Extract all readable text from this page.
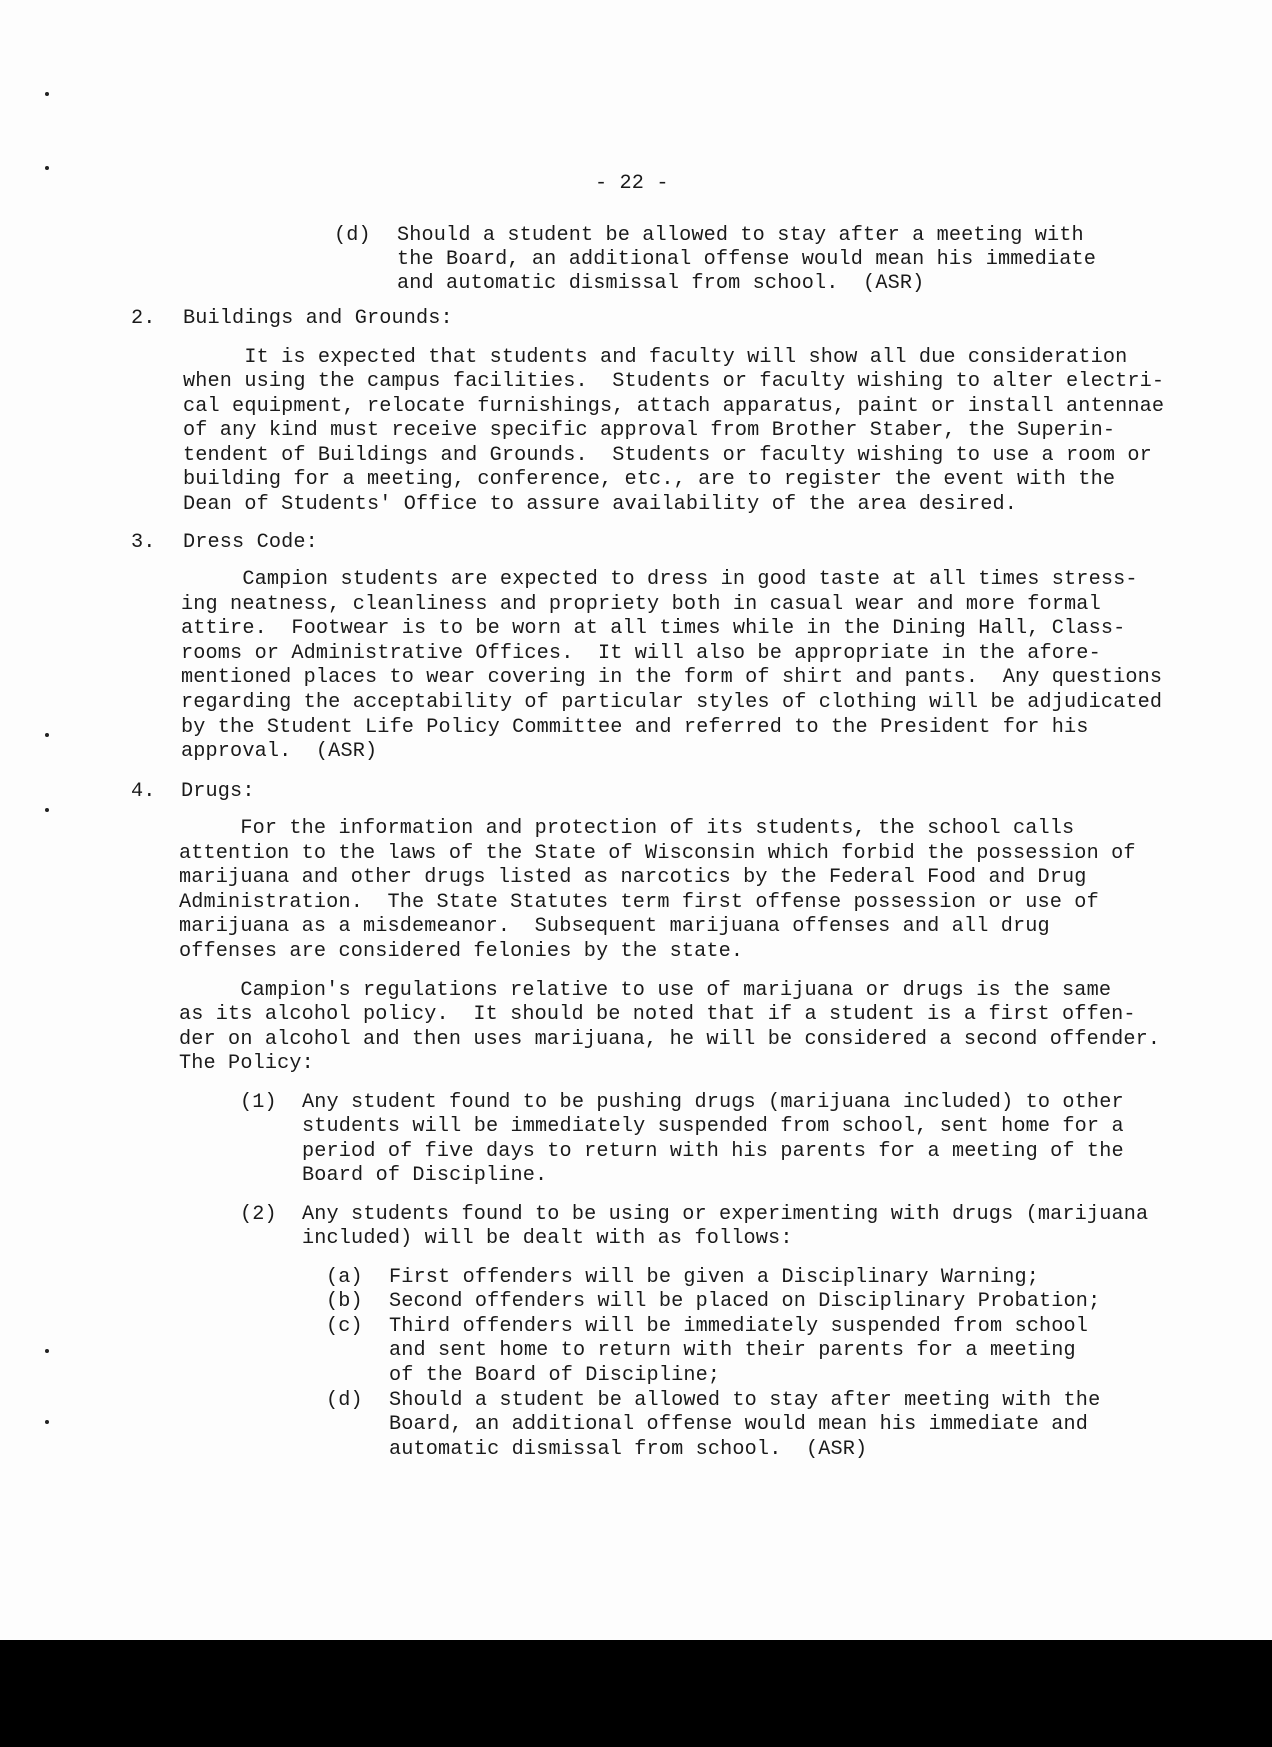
- 22 -
(d) Should a student be allowed to stay after a meeting with
the Board, an additional offense would mean his immediate
and automatic dismissal from school.  (ASR)
2. Buildings and Grounds:
It is expected that students and faculty will show all due consideration
when using the campus facilities.  Students or faculty wishing to alter electri-
cal equipment, relocate furnishings, attach apparatus, paint or install antennae
of any kind must receive specific approval from Brother Staber, the Superin-
tendent of Buildings and Grounds.  Students or faculty wishing to use a room or
building for a meeting, conference, etc., are to register the event with the
Dean of Students' Office to assure availability of the area desired.
3. Dress Code:
Campion students are expected to dress in good taste at all times stress-
ing neatness, cleanliness and propriety both in casual wear and more formal
attire.  Footwear is to be worn at all times while in the Dining Hall, Class-
rooms or Administrative Offices.  It will also be appropriate in the afore-
mentioned places to wear covering in the form of shirt and pants.  Any questions
regarding the acceptability of particular styles of clothing will be adjudicated
by the Student Life Policy Committee and referred to the President for his
approval.  (ASR)
4. Drugs:
For the information and protection of its students, the school calls
attention to the laws of the State of Wisconsin which forbid the possession of
marijuana and other drugs listed as narcotics by the Federal Food and Drug
Administration.  The State Statutes term first offense possession or use of
marijuana as a misdemeanor.  Subsequent marijuana offenses and all drug
offenses are considered felonies by the state.
Campion's regulations relative to use of marijuana or drugs is the same
as its alcohol policy.  It should be noted that if a student is a first offen-
der on alcohol and then uses marijuana, he will be considered a second offender.
The Policy:
(1) Any student found to be pushing drugs (marijuana included) to other
students will be immediately suspended from school, sent home for a
period of five days to return with his parents for a meeting of the
Board of Discipline.
(2) Any students found to be using or experimenting with drugs (marijuana
included) will be dealt with as follows:
(a) First offenders will be given a Disciplinary Warning;
(b) Second offenders will be placed on Disciplinary Probation;
(c) Third offenders will be immediately suspended from school
and sent home to return with their parents for a meeting
of the Board of Discipline;
(d) Should a student be allowed to stay after meeting with the
Board, an additional offense would mean his immediate and
automatic dismissal from school.  (ASR)
